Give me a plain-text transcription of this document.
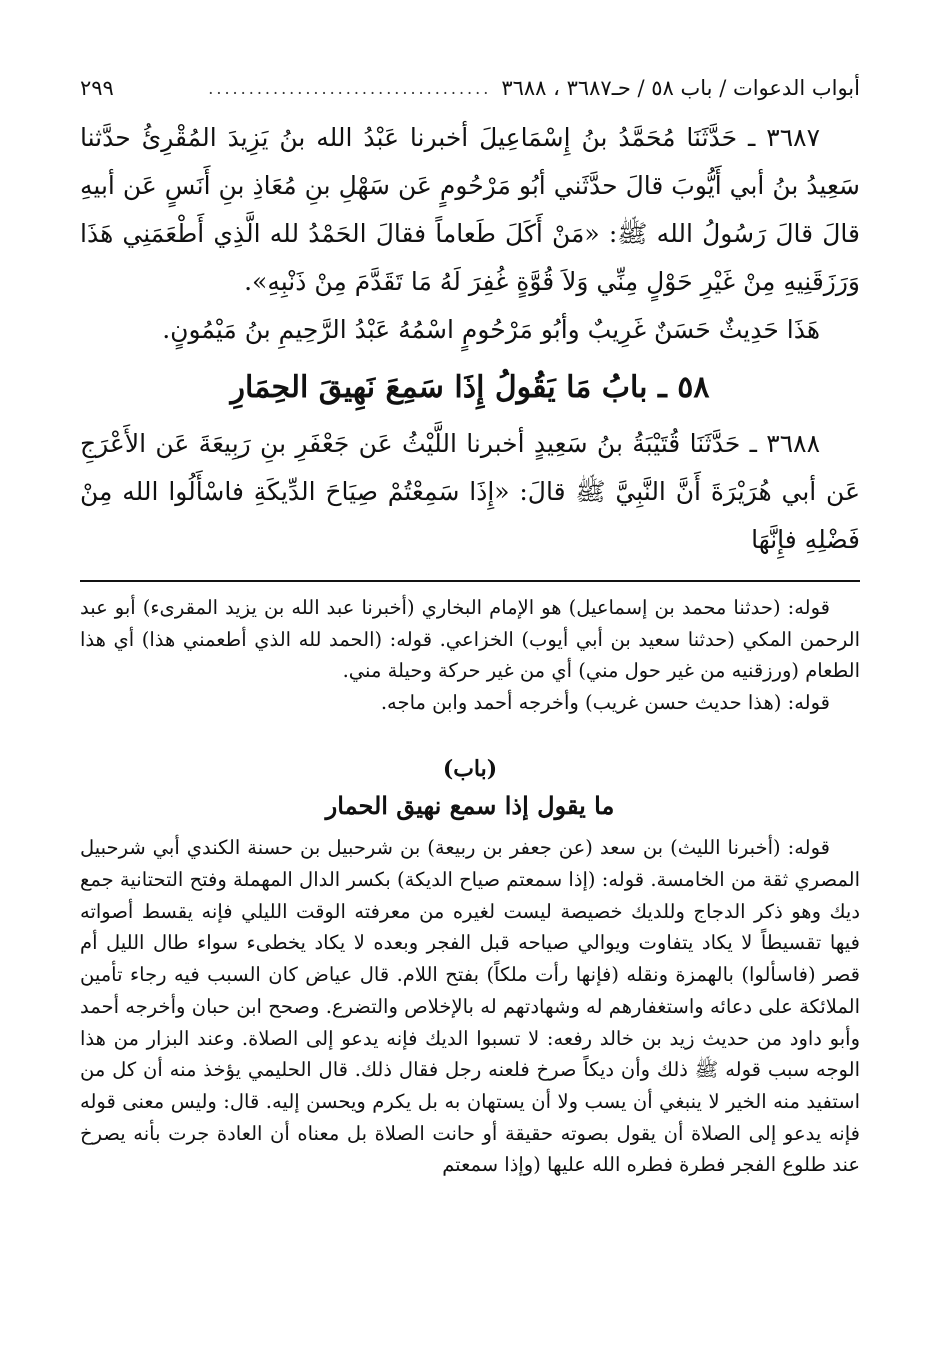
أبواب الدعوات / باب ٥٨ / حـ٣٦٨٧ ، ٣٦٨٨
...................................
٢٩٩

٣٦٨٧ ـ حَدَّثَنَا مُحَمَّدُ بنُ إِسْمَاعِيلَ أخبرنا عَبْدُ الله بنُ يَزِيدَ المُقْرِئُ حدَّثنا سَعِيدُ بنُ أبي أَيُّوبَ قالَ حدَّثَني أبُو مَرْحُومٍ عَن سَهْلِ بنِ مُعَاذِ بنِ أَنَسٍ عَن أبيهِ قالَ قالَ رَسُولُ الله ﷺ: «مَنْ أَكَلَ طَعاماً فقالَ الحَمْدُ لله الَّذِي أَطْعَمَنِي هَذَا وَرَزَقَنِيهِ مِنْ غَيْرِ حَوْلٍ مِنِّي وَلاَ قُوَّةٍ غُفِرَ لَهُ مَا تَقَدَّمَ مِنْ ذَنْبِهِ».

هَذَا حَدِيثٌ حَسَنٌ غَرِيبٌ وأبُو مَرْحُومٍ اسْمُهُ عَبْدُ الرَّحِيمِ بنُ مَيْمُونٍ.

٥٨ ـ بابُ مَا يَقُولُ إِذَا سَمِعَ نَهِيقَ الحِمَارِ

٣٦٨٨ ـ حَدَّثَنَا قُتَيْبَةُ بنُ سَعِيدٍ أخبرنا اللَّيْثُ عَن جَعْفَرِ بنِ رَبِيعَةَ عَن الأَعْرَجِ عَن أبي هُرَيْرَةَ أَنَّ النَّبِيَّ ﷺ قالَ: «إِذَا سَمِعْتُمْ صِيَاحَ الدِّيكَةِ فاسْأَلُوا الله مِنْ فَضْلِهِ فإِنَّهَا

قوله: (حدثنا محمد بن إسماعيل) هو الإمام البخاري (أخبرنا عبد الله بن يزيد المقرىء) أبو عبد الرحمن المكي (حدثنا سعيد بن أبي أيوب) الخزاعي. قوله: (الحمد لله الذي أطعمني هذا) أي هذا الطعام (ورزقنيه من غير حول مني) أي من غير حركة وحيلة مني.

قوله: (هذا حديث حسن غريب) وأخرجه أحمد وابن ماجه.

(باب)
ما يقول إذا سمع نهيق الحمار

قوله: (أخبرنا الليث) بن سعد (عن جعفر بن ربيعة) بن شرحبيل بن حسنة الكندي أبي شرحبيل المصري ثقة من الخامسة. قوله: (إذا سمعتم صياح الديكة) بكسر الدال المهملة وفتح التحتانية جمع ديك وهو ذكر الدجاج وللديك خصيصة ليست لغيره من معرفته الوقت الليلي فإنه يقسط أصواته فيها تقسيطاً لا يكاد يتفاوت ويوالي صياحه قبل الفجر وبعده لا يكاد يخطىء سواء طال الليل أم قصر (فاسألوا) بالهمزة ونقله (فإنها رأت ملكاً) بفتح اللام. قال عياض كان السبب فيه رجاء تأمين الملائكة على دعائه واستغفارهم له وشهادتهم له بالإخلاص والتضرع. وصحح ابن حبان وأخرجه أحمد وأبو داود من حديث زيد بن خالد رفعه: لا تسبوا الديك فإنه يدعو إلى الصلاة. وعند البزار من هذا الوجه سبب قوله ﷺ ذلك وأن ديكاً صرخ فلعنه رجل فقال ذلك. قال الحليمي يؤخذ منه أن كل من استفيد منه الخير لا ينبغي أن يسب ولا أن يستهان به بل يكرم ويحسن إليه. قال: وليس معنى قوله فإنه يدعو إلى الصلاة أن يقول بصوته حقيقة أو حانت الصلاة بل معناه أن العادة جرت بأنه يصرخ عند طلوع الفجر فطرة فطره الله عليها (وإذا سمعتم
